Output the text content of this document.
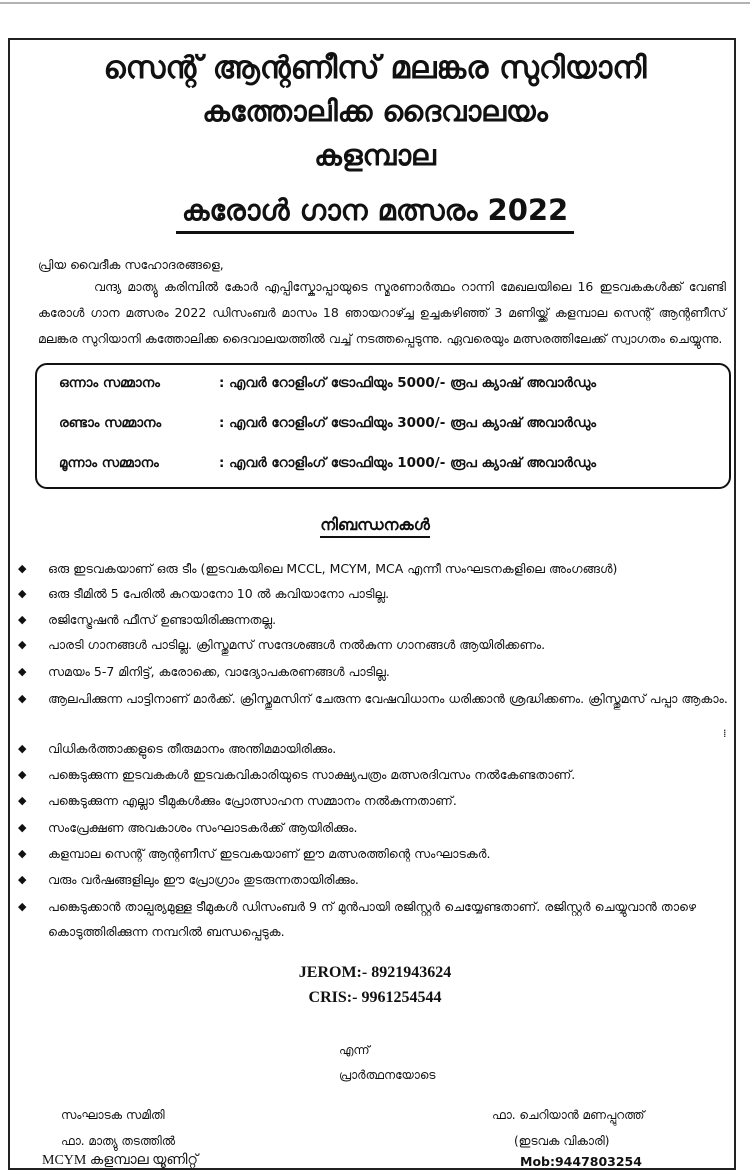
സെന്റ് ആന്റണീസ് മലങ്കര സുറിയാനി
കത്തോലിക്ക ദൈവാലയം
കളമ്പാല
കരോൾ ഗാന മത്സരം 2022
പ്രിയ വൈദീക സഹോദരങ്ങളെ,
വന്ദ്യ മാത്യു കരിമ്പിൽ കോർ എപ്പിസ്കോപ്പായുടെ സ്മരണാർത്ഥം റാന്നി മേഖലയിലെ 16 ഇടവകകൾക്ക് വേണ്ടി കരോൾ ഗാന മത്സരം 2022 ഡിസംബർ മാസം 18 ഞായറാഴ്ച്ച ഉച്ചകഴിഞ്ഞ് 3 മണിയ്ക്ക് കളമ്പാല സെന്റ് ആന്റണീസ് മലങ്കര സുറിയാനി കത്തോലിക്ക ദൈവാലയത്തിൽ വച്ച് നടത്തപ്പെടുന്നു. ഏവരെയും മത്സരത്തിലേക്ക് സ്വാഗതം ചെയ്യുന്നു.
ഒന്നാം സമ്മാനം	: എവർ റോളിംഗ് ട്രോഫിയും 5000/- രൂപ ക്യാഷ് അവാർഡും
രണ്ടാം സമ്മാനം	: എവർ റോളിംഗ് ട്രോഫിയും 3000/- രൂപ ക്യാഷ് അവാർഡും
മൂന്നാം സമ്മാനം	: എവർ റോളിംഗ് ട്രോഫിയും 1000/- രൂപ ക്യാഷ് അവാർഡും
നിബന്ധനകൾ
◆ ഒരു ഇടവകയാണ് ഒരു ടീം (ഇടവകയിലെ MCCL, MCYM, MCA എന്നീ സംഘടനകളിലെ അംഗങ്ങൾ)
◆ ഒരു ടീമിൽ 5 പേരിൽ കുറയാനോ 10 ൽ കവിയാനോ പാടില്ല.
◆ രജിസ്ട്രേഷൻ ഫീസ് ഉണ്ടായിരിക്കുന്നതല്ല.
◆ പാരടി ഗാനങ്ങൾ പാടില്ല. ക്രിസ്തുമസ് സന്ദേശങ്ങൾ നൽകുന്ന ഗാനങ്ങൾ ആയിരിക്കണം.
◆ സമയം 5-7 മിനിട്ട്, കരോക്കെ, വാദ്യോപകരണങ്ങൾ പാടില്ല.
◆ ആലപിക്കുന്ന പാട്ടിനാണ് മാർക്ക്. ക്രിസ്തുമസിന് ചേരുന്ന വേഷവിധാനം ധരിക്കാൻ ശ്രദ്ധിക്കണം. ക്രിസ്തുമസ് പപ്പാ ആകാം.
◆ വിധികർത്താക്കളുടെ തീരുമാനം അന്തിമമായിരിക്കും.
◆ പങ്കെടുക്കുന്ന ഇടവകകൾ ഇടവകവികാരിയുടെ സാക്ഷ്യപത്രം മത്സരദിവസം നൽകേണ്ടതാണ്.
◆ പങ്കെടുക്കുന്ന എല്ലാ ടീമുകൾക്കും പ്രോത്സാഹന സമ്മാനം നൽകുന്നതാണ്.
◆ സംപ്രേക്ഷണ അവകാശം സംഘാടകർക്ക് ആയിരിക്കും.
◆ കളമ്പാല സെന്റ് ആന്റണീസ് ഇടവകയാണ് ഈ മത്സരത്തിന്റെ സംഘാടകർ.
◆ വരും വർഷങ്ങളിലും ഈ പ്രോഗ്രാം തുടരുന്നതായിരിക്കും.
◆ പങ്കെടുക്കാൻ താല്പര്യമുള്ള ടീമുകൾ ഡിസംബർ 9 ന് മുൻപായി രജിസ്റ്റർ ചെയ്യേണ്ടതാണ്. രജിസ്റ്റർ ചെയ്യുവാൻ താഴെ കൊടുത്തിരിക്കുന്ന നമ്പറിൽ ബന്ധപ്പെടുക.
⁞
JEROM:- 8921943624
CRIS:- 9961254544
എന്ന്
പ്രാർത്ഥനയോടെ
സംഘാടക സമിതി
ഫാ. മാത്യു തടത്തിൽ
MCYM കളമ്പാല യൂണിറ്റ്
ഫാ. ചെറിയാൻ മണപ്പുറത്ത്
(ഇടവക വികാരി)
Mob:9447803254
